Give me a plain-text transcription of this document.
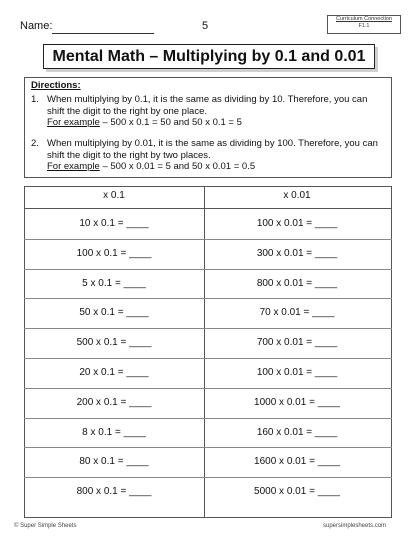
Name:	5
Curriculum Connection
F1.1
Mental Math – Multiplying by 0.1 and 0.01
Directions:
1. When multiplying by 0.1, it is the same as dividing by 10. Therefore, you can
shift the digit to the right by one place.
For example – 500 x 0.1 = 50 and 50 x 0.1 = 5
2. When multiplying by 0.01, it is the same as dividing by 100. Therefore, you can
shift the digit to the right by two places.
For example – 500 x 0.01 = 5 and 50 x 0.01 = 0.5
x 0.1	x 0.01
10 x 0.1 = ____	100 x 0.01 = ____
100 x 0.1 = ____	300 x 0.01 = ____
5 x 0.1 = ____	800 x 0.01 = ____
50 x 0.1 = ____	70 x 0.01 = ____
500 x 0.1 = ____	700 x 0.01 = ____
20 x 0.1 = ____	100 x 0.01 = ____
200 x 0.1 = ____	1000 x 0.01 = ____
8 x 0.1 = ____	160 x 0.01 = ____
80 x 0.1 = ____	1600 x 0.01 = ____
800 x 0.1 = ____	5000 x 0.01 = ____
© Super Simple Sheets	supersimplesheets.com
